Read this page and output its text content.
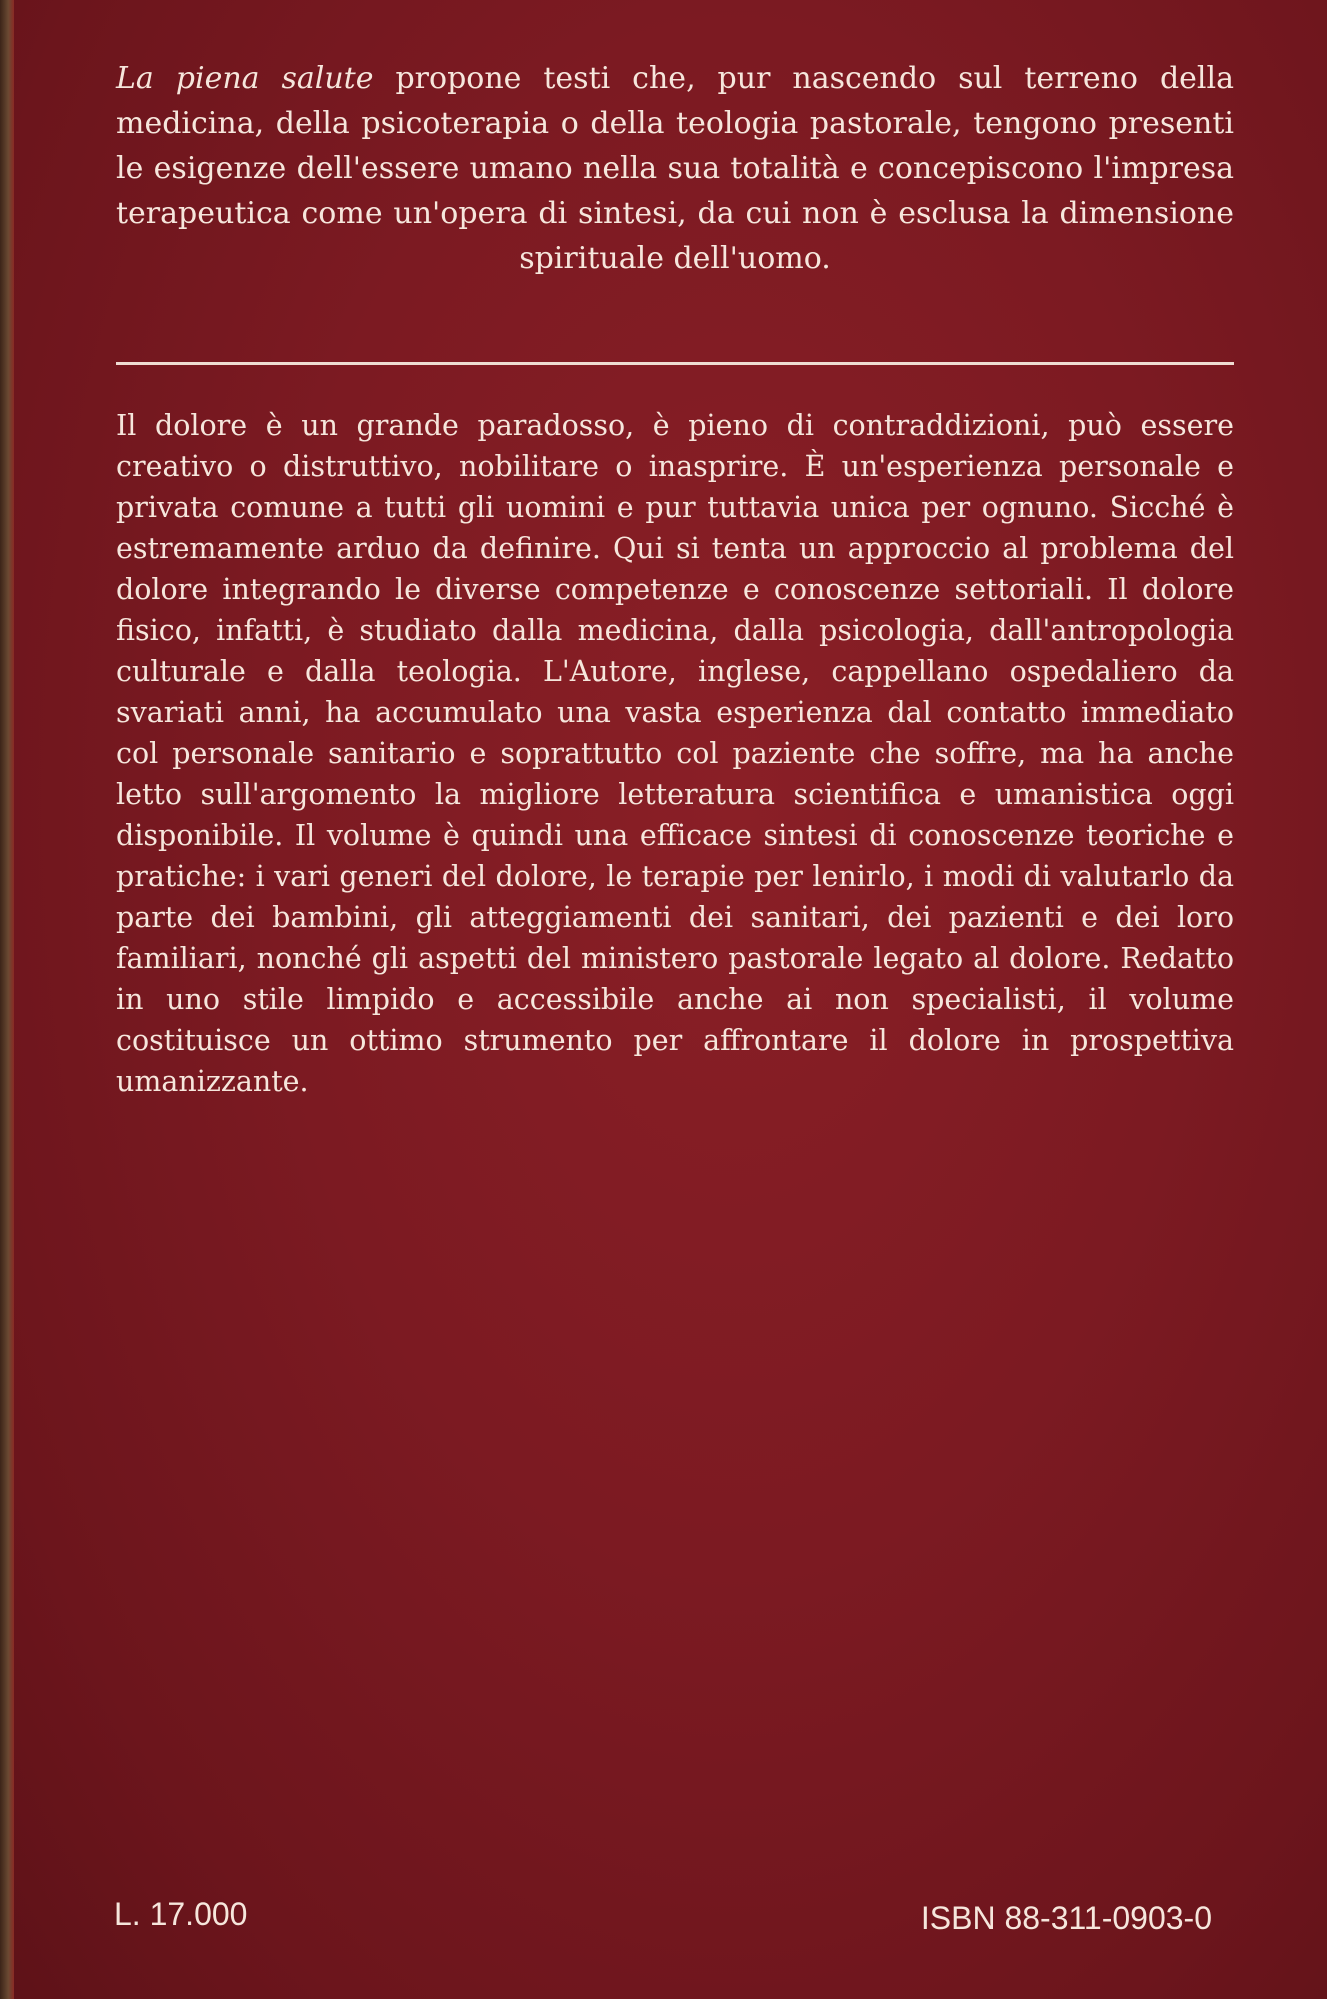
La piena salute propone testi che, pur nascendo sul terreno della medicina, della psicoterapia o della teologia pastorale, tengono presenti le esigenze dell'essere umano nella sua totalità e concepiscono l'impresa terapeutica come un'opera di sintesi, da cui non è esclusa la dimensione spirituale dell'uomo.

Il dolore è un grande paradosso, è pieno di contraddizioni, può essere creativo o distruttivo, nobilitare o inasprire. È un'esperienza personale e privata comune a tutti gli uomini e pur tuttavia unica per ognuno. Sicché è estremamente arduo da definire. Qui si tenta un approccio al problema del dolore integrando le diverse competenze e conoscenze settoriali. Il dolore fisico, infatti, è studiato dalla medicina, dalla psicologia, dall'antropologia culturale e dalla teologia. L'Autore, inglese, cappellano ospedaliero da svariati anni, ha accumulato una vasta esperienza dal contatto immediato col personale sanitario e soprattutto col paziente che soffre, ma ha anche letto sull'argomento la migliore letteratura scientifica e umanistica oggi disponibile. Il volume è quindi una efficace sintesi di conoscenze teoriche e pratiche: i vari generi del dolore, le terapie per lenirlo, i modi di valutarlo da parte dei bambini, gli atteggiamenti dei sanitari, dei pazienti e dei loro familiari, nonché gli aspetti del ministero pastorale legato al dolore. Redatto in uno stile limpido e accessibile anche ai non specialisti, il volume costituisce un ottimo strumento per affrontare il dolore in prospettiva umanizzante.

L. 17.000	ISBN 88-311-0903-0
